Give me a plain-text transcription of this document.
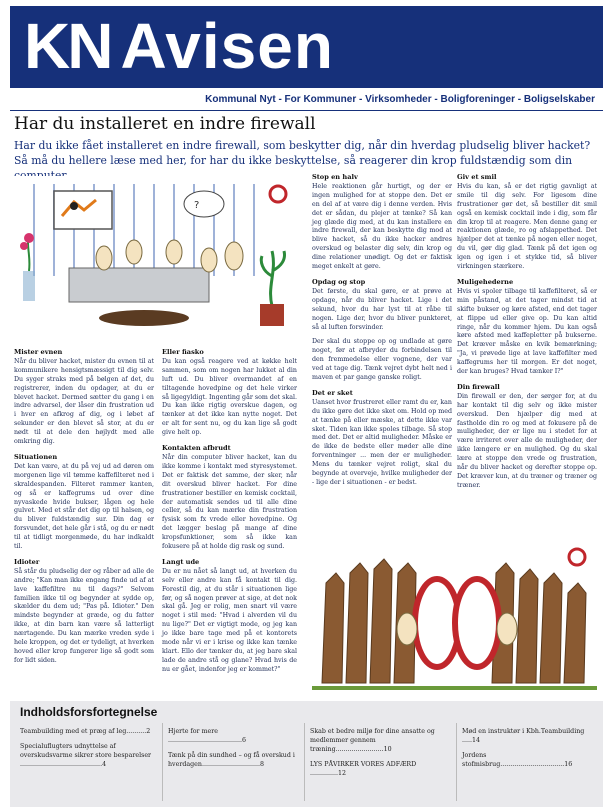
KN Avisen
Kommunal Nyt - For Kommuner - Virksomheder - Boligforeninger - Boligselskaber
Har du installeret en indre firewall
Har du ikke fået installeret en indre firewall, som beskytter dig, når din hverdag pludselig bliver hacket? Så må du hellere læse med her, for har du ikke beskyttelse, så reagerer din krop fuldstændig som din
?
Mister evnen

Når du bliver hacket, mister du evnen til at kommunikere hensigtsmæssigt til dig selv. Du syger straks med på bølgen af det, du registrerer, inden du opdager, at du er blevet hacket. Dermed sætter du gang i en indre advarsel, der låser din frustration ud i hver en afkrog af dig, og i løbet af sekunder er den blevet så stor, at du er nødt til at dele den højlydt med alle omkring dig.

Situationen

Det kan være, at du på vej ud ad døren om morgenen lige vil tømme kaffefilteret ned i skraldespanden. Filteret rammer kanten, og så er kaffegrums ud over dine nyvaskede hvide bukser, lågen og hele gulvet. Med et står det dig op til halsen, og du bliver fuldstændig sur. Din dag er forsvundet, det hele går i stå, og du er nødt til at tidligt morgenmøde, du har indkaldt til.

Idioter

Så står du pludselig der og råber ad alle de andre; "Kan man ikke engang finde ud af at lave kaffefiltre nu til dags?" Selvom familien ikke til og begynder at sydde op, skælder du dem ud; "Pas på. Idioter." Den mindste begynder at græde, og du fatter ikke, at din barn kan være så latterligt nærtagende. Du kan mærke vreden syde i hele kroppen, og det er tydeligt, at hverken hoved eller krop fungerer lige så godt som for lidt siden.

Eller fiasko

Du kan også reagere ved at køkke helt sammen, som om nogen har lukket al din luft ud. Du bliver overmandet af en tiltagende hovedpine og det hele virker så ligegyldigt. Ingenting går som det skal. Du kan ikke rigtig overskue dagen, og tænker at det ikke kan nytte noget. Det er alt for sent nu, og du kan lige så godt give helt op.

Kontakten afbrudt

Når din computer bliver hacket, kan du ikke komme i kontakt med styresystemet. Det er faktisk det samme, der sker, når dit overskud bliver hacket. For dine frustrationer bestiller en kemisk cocktail, der automatisk sendes ud til alle dine celler, så du kan mærke din frustration fysisk som fx vrede eller hovedpine. Og det lægger beslag på mange af dine kropsfunktioner, som så ikke kan fokusere på at holde dig rask og sund.

Langt ude

Du er nu nået så langt ud, at hverken du selv eller andre kan få kontakt til dig. Forestil dig, at du står i situationen lige før, og så nogen prøver at sige, at det nok skal gå. Jeg er rolig, men snart vil være noget i stil med: "Hvad i alverden vil du nu lige?" Det er vigtigt mode, og jeg kan jo ikke bare tage med på et kontorets mode når vi er i krise og ikke kan tænke klart. Ello der tænker du, at jeg bare skal lade de andre stå og glane? Hvad hvis de nu er gået, indenfor jeg er kommet?"

Stop en halv

Hele reaktionen går hurtigt, og der er ingen mulighed for at stoppe den. Det er en del af at være dig i denne verden. Hvis det er sådan, du plejer at tænke? Så kan jeg glæde dig med, at du kan installere en indre firewall, der kan beskytte dig mod at blive hacket, så du ikke hacker andres overskud og belaster dig selv, din krop og dine relationer unødigt. Og det er faktisk meget enkelt at gøre.

Opdag og stop

Det første, du skal gøre, er at prøve at opdage, når du bliver hacket. Lige i det sekund, hvor du har lyst til at råbe til nogen. Lige der, hvor du bliver punkteret, så al luften forsvinder.

Der skal du stoppe op og undlade at gøre noget, før at afbryder du forbindelsen til den fremmedelse eller vognene, der var ved at tage dig. Tænk vejret dybt helt ned i maven et par gange ganske roligt.

Det er sket

Uanset hvor frustreret eller ramt du er, kan du ikke gøre det ikke sket om. Hold op med at tænke på eller mæske, at dette ikke var sket. Tiden kan ikke spoles tilbage. Så stop med det. Det er altid muligheder. Måske er de ikke de bedste eller møder alle dine forventninger ... men der er muligheder. Mens du tænker vejret roligt, skal du begynde at overveje, hvilke muligheder der - lige der i situationen - er bedst.

Giv et smil

Hvis du kan, så er det rigtig gavnligt at smile til dig selv. For ligesom dine frustrationer gør det, så bestiller dit smil også en kemisk cocktail inde i dig, som får din krop til at reagere. Men denne gang er reaktionen glæde, ro og afslappethed. Det hjælper det at tænke på nogen eller noget, du vil, gør dig glad. Tænk på det igen og igen og igen i et stykke tid, så bliver virkningen stærkere.

Muligehederne

Hvis vi spoler tilbage til kaffefilteret, så er min påstand, at det tager mindst tid at skifte bukser og køre afsted, end det tager at flippe ud eller give op. Du kan altid ringe, når du kommer hjem. Du kan også køre afsted med kaffepletter på bukserne. Det kræver måske en kvik bemærkning; "Ja, vi prøvede lige at lave kaffefilter med kaffegrums her til morgen. Er det noget, der kan bruges? Hvad tænker I?"

Din firewall

Din firewall er den, der sørger for, at du har kontakt til dig selv og ikke mister overskud. Den hjælper dig med at fastholde din ro og med at fokusere på de muligheder, der er lige nu i stedet for at være irriteret over alle de muligheder, der ikke længere er en mulighed. Og du skal lære at stoppe den vrede og frustration, når du bliver hacket og derefter stoppe op. Det kræver kun, at du træner og træner og træner.

Indholdsforsfortegnelse
Teambuilding med et præg af leg..........2
Specialuflugters udnyttelse af overskudsvarme sikrer store besparelser .........................................4
Hjerte for mere .....................................6
Tænk på din sundhed – og få overskud i hverdagen.............................8
Skab et bedre miljø for dine ansatte og medlemmer gennem træning........................10
LYS PÅVIRKER VORES ADFÆRD ..............12
Mød en instruktør i Kbh.Teambuilding .....14
Jordens stofmisbrug................................16
